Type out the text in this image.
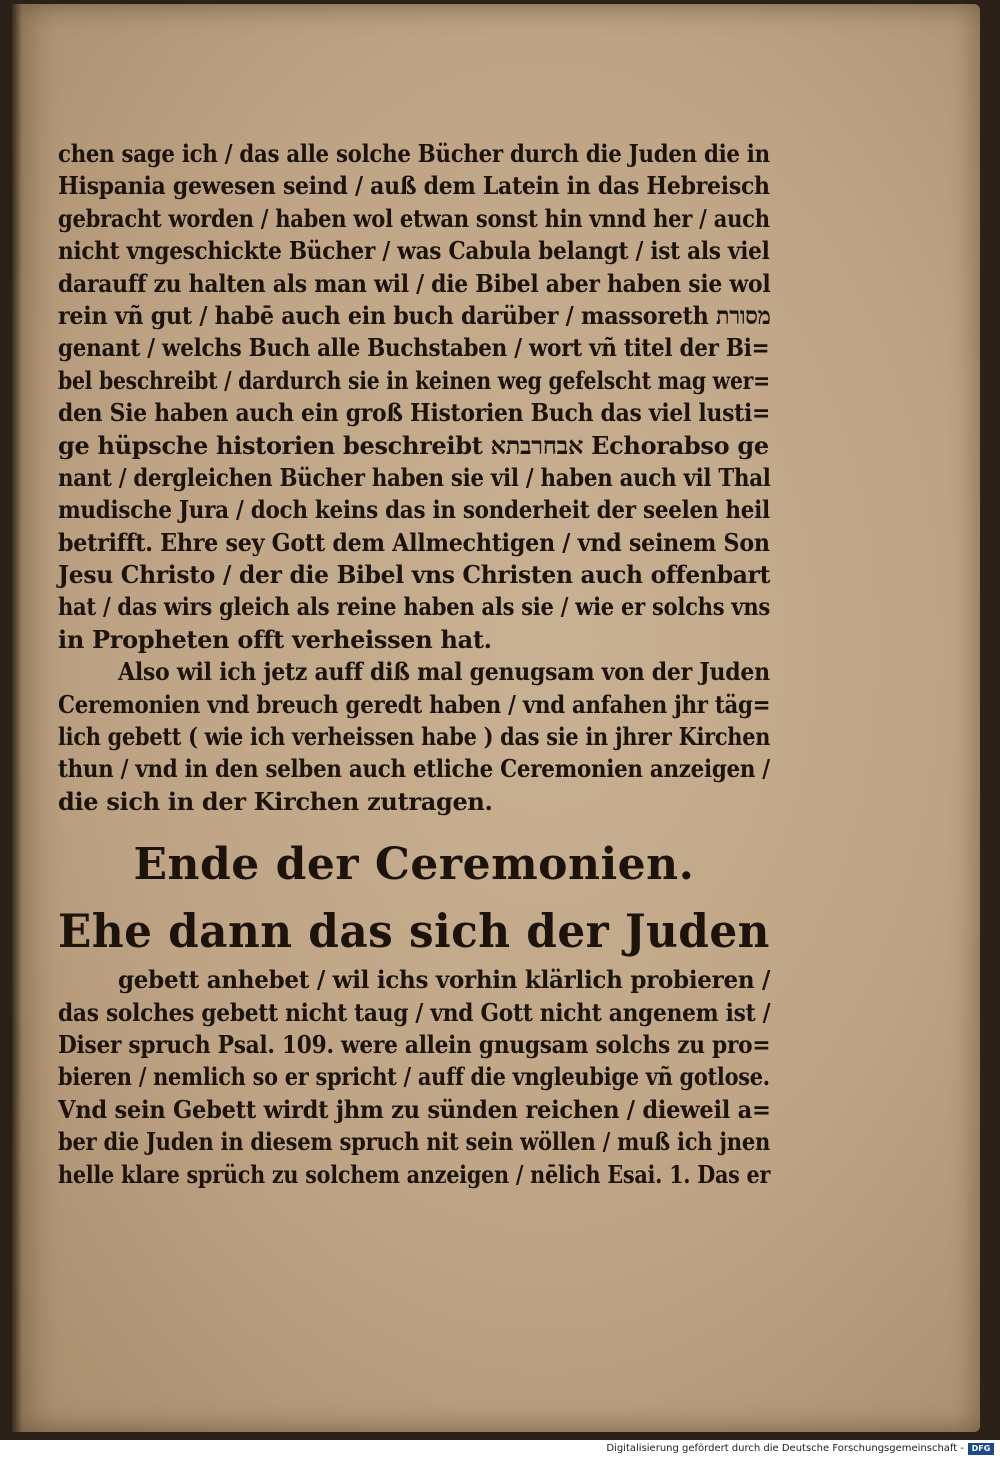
chen sage ich / das alle solche Bücher durch die Juden die in
Hispania gewesen seind / auß dem Latein in das Hebreisch
gebracht worden / haben wol etwan sonst hin vnnd her / auch
nicht vngeschickte Bücher / was Cabula belangt / ist als viel
darauff zu halten als man wil / die Bibel aber haben sie wol
rein vñ gut / habē auch ein buch darüber / massoreth מסורת
genant / welchs Buch alle Buchstaben / wort vñ titel der Bi=
bel beschreibt / dardurch sie in keinen weg gefelscht mag wer=
den Sie haben auch ein groß Historien Buch das viel lusti=
ge hüpsche historien beschreibt אבחרבתא Echorabso ge
nant / dergleichen Bücher haben sie vil / haben auch vil Thal
mudische Jura / doch keins das in sonderheit der seelen heil
betrifft. Ehre sey Gott dem Allmechtigen / vnd seinem Son
Jesu Christo / der die Bibel vns Christen auch offenbart
hat / das wirs gleich als reine haben als sie / wie er solchs vns
in Propheten offt verheissen hat.
Also wil ich jetz auff diß mal genugsam von der Juden
Ceremonien vnd breuch geredt haben / vnd anfahen jhr täg=
lich gebett ( wie ich verheissen habe ) das sie in jhrer Kirchen
thun / vnd in den selben auch etliche Ceremonien anzeigen /
die sich in der Kirchen zutragen.
Ende der Ceremonien.
Ehe dann das sich der Juden
gebett anhebet / wil ichs vorhin klärlich probieren /
das solches gebett nicht taug / vnd Gott nicht angenem ist /
Diser spruch Psal. 109. were allein gnugsam solchs zu pro=
bieren / nemlich so er spricht / auff die vngleubige vñ gotlose.
Vnd sein Gebett wirdt jhm zu sünden reichen / dieweil a=
ber die Juden in diesem spruch nit sein wöllen / muß ich jnen
helle klare sprüch zu solchem anzeigen / nēlich Esai. 1. Das er
Digitalisierung gefördert durch die Deutsche Forschungsgemeinschaft - DFG
